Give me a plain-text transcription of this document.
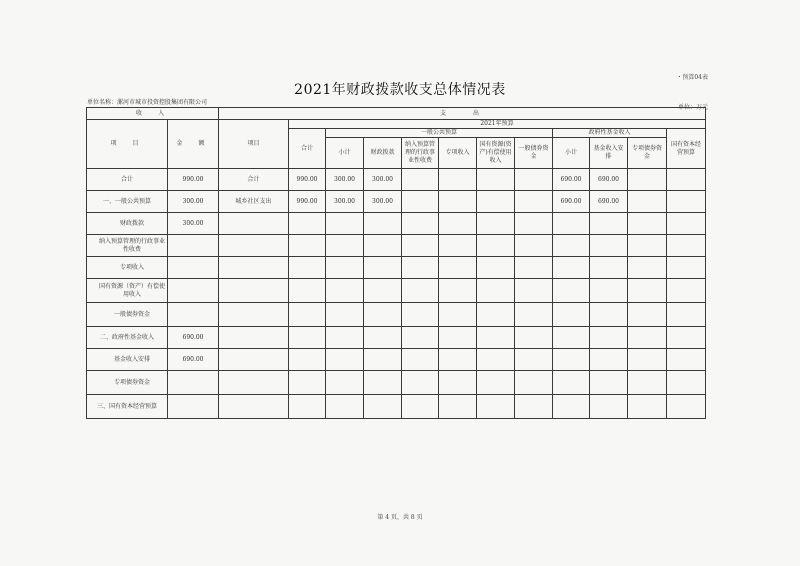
・预算04表
2021年财政拨款收支总体情况表
单位名称：漯河市城市投资控股集团有限公司
单位：万元
收　入		支　　出											
项　目	金　额	项目	2021年预算										
			合计	一般公共预算						政府性基金收入			国有资本经营预算
				小计	财政拨款	纳入预算管理的行政事业性收费	专项收入	国有资源(资产)有偿使用收入	一般债券资金	小计	基金收入安排	专项债券资金	

合计	990.00	合计	990.00	300.00	300.00					690.00	690.00		
一、一般公共预算	300.00	城乡社区支出	990.00	300.00	300.00					690.00	690.00		
财政拨款	300.00												
纳入预算管理的行政事业性收费													
专项收入													
国有资源（资产）有偿使用收入													
一般债券资金													
二、政府性基金收入	690.00												
基金收入安排	690.00												
专项债券资金													
三、国有资本经营预算													
第 4 页，共 8 页
